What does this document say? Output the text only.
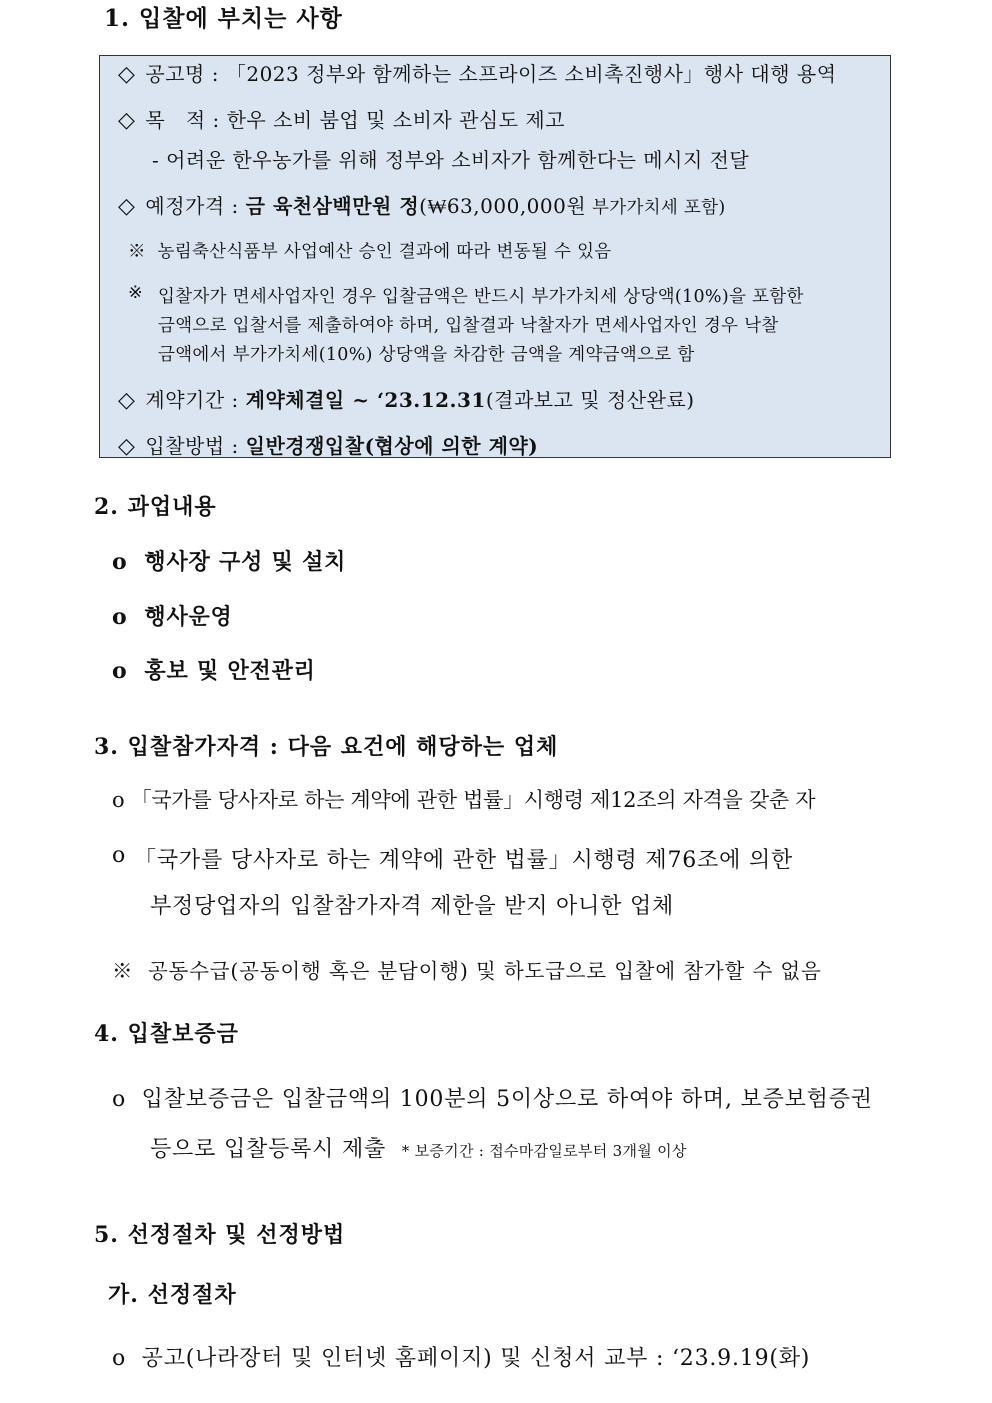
1. 입찰에 부치는 사항
◇ 공고명 : 「2023 정부와 함께하는 소프라이즈 소비촉진행사」행사 대행 용역
◇ 목   적 : 한우 소비 붐업 및 소비자 관심도 제고
- 어려운 한우농가를 위해 정부와 소비자가 함께한다는 메시지 전달
◇ 예정가격 : 금 육천삼백만원 정(₩63,000,000원 부가가치세 포함)
※ 농림축산식품부 사업예산 승인 결과에 따라 변동될 수 있음
※ 입찰자가 면세사업자인 경우 입찰금액은 반드시 부가가치세 상당액(10%)을 포함한
금액으로 입찰서를 제출하여야 하며, 입찰결과 낙찰자가 면세사업자인 경우 낙찰
금액에서 부가가치세(10%) 상당액을 차감한 금액을 계약금액으로 함
◇ 계약기간 : 계약체결일 ~ ‘23.12.31(결과보고 및 정산완료)
◇ 입찰방법 : 일반경쟁입찰(협상에 의한 계약)
2. 과업내용
o 행사장 구성 및 설치
o 행사운영
o 홍보 및 안전관리
3. 입찰참가자격 : 다음 요건에 해당하는 업체
o 「국가를 당사자로 하는 계약에 관한 법률」시행령 제12조의 자격을 갖춘 자
o 「국가를 당사자로 하는 계약에 관한 법률」시행령 제76조에 의한
부정당업자의 입찰참가자격 제한을 받지 아니한 업체
※ 공동수급(공동이행 혹은 분담이행) 및 하도급으로 입찰에 참가할 수 없음
4. 입찰보증금
o 입찰보증금은 입찰금액의 100분의 5이상으로 하여야 하며, 보증보험증권
등으로 입찰등록시 제출 * 보증기간 : 접수마감일로부터 3개월 이상
5. 선정절차 및 선정방법
가. 선정절차
o 공고(나라장터 및 인터넷 홈페이지) 및 신청서 교부 : ‘23.9.19(화)
